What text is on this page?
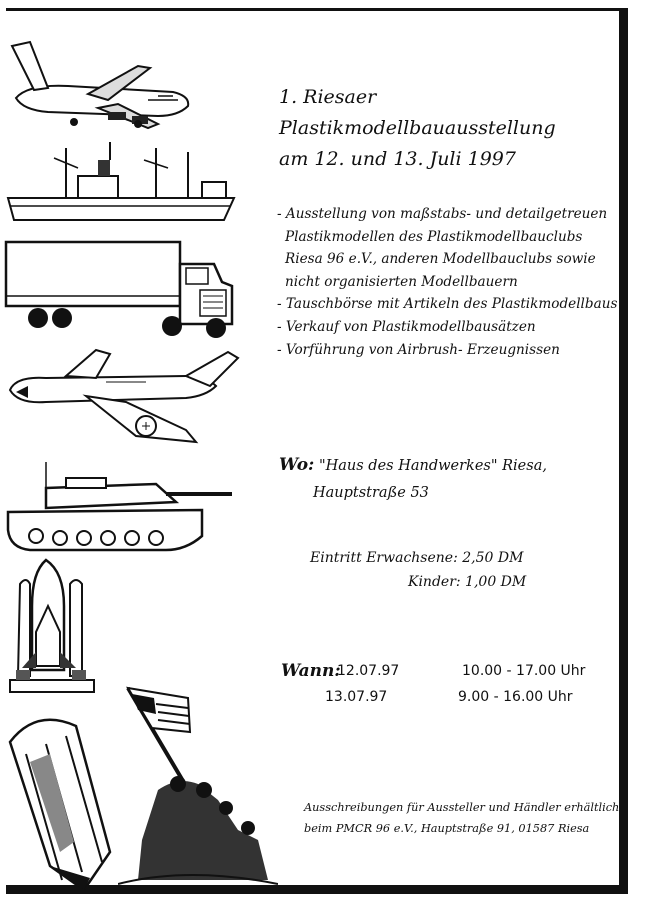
1. Riesaer Plastikmodellbauausstellung
am 12. und 13. Juli 1997
- Ausstellung von maßstabs- und detailgetreuen
Plastikmodellen des Plastikmodellbauclubs
Riesa 96 e.V., anderen Modellbauclubs sowie
nicht organisierten Modellbauern
- Tauschbörse mit Artikeln des Plastikmodellbaus
- Verkauf von Plastikmodellbausätzen
- Vorführung von Airbrush- Erzeugnissen
Wo: "Haus des Handwerkes" Riesa,
Hauptstraße 53
Eintritt Erwachsene: 2,50 DM
Kinder: 1,00 DM
Wann:
12.07.97	10.00 - 17.00 Uhr
13.07.97	9.00 - 16.00 Uhr
Ausschreibungen für Aussteller und Händler erhältlich
beim PMCR 96 e.V., Hauptstraße 91, 01587 Riesa
